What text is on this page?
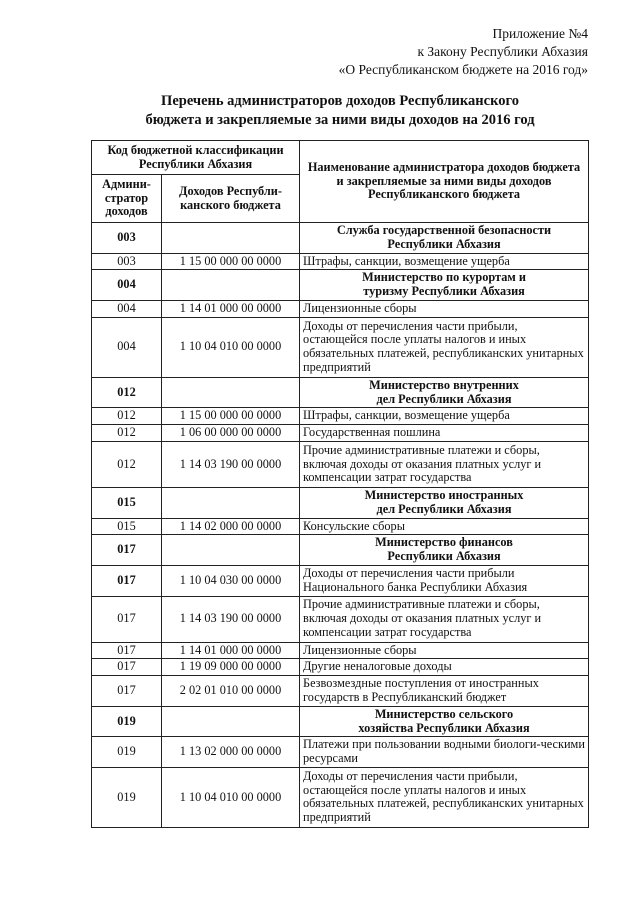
Приложение №4
к Закону Республики Абхазия
«О Республиканском бюджете на 2016 год»
Перечень администраторов доходов Республиканского
бюджета и закрепляемые за ними виды доходов на 2016 год
Код бюджетной классификации Республики Абхазия		Наименование администратора доходов бюджета и закрепляемые за ними виды доходов Республиканского бюджета
Админи-
стратор
доходов	Доходов Республи-
канского бюджета	
003		Служба государственной безопасности
Республики Абхазия
003	1 15 00 000 00 0000	Штрафы, санкции, возмещение ущерба
004		Министерство по курортам и
туризму Республики Абхазия
004	1 14 01 000 00 0000	Лицензионные сборы
004	1 10 04 010 00 0000	Доходы от перечисления части прибыли, остающейся после уплаты налогов и иных обязательных платежей, республиканских унитарных предприятий
012		Министерство внутренних
дел Республики Абхазия
012	1 15 00 000 00 0000	Штрафы, санкции, возмещение ущерба
012	1 06 00 000 00 0000	Государственная пошлина
012	1 14 03 190 00 0000	Прочие административные платежи и сборы, включая доходы от оказания платных услуг и компенсации затрат государства
015		Министерство иностранных
дел Республики Абхазия
015	1 14 02 000 00 0000	Консульские сборы
017		Министерство финансов
Республики Абхазия
017	1 10 04 030 00 0000	Доходы от перечисления части прибыли Национального банка Республики Абхазия
017	1 14 03 190 00 0000	Прочие административные платежи и сборы, включая доходы от оказания платных услуг и компенсации затрат государства
017	1 14 01 000 00 0000	Лицензионные сборы
017	1 19 09 000 00 0000	Другие неналоговые доходы
017	2 02 01 010 00 0000	Безвозмездные поступления от иностранных государств в Республиканский бюджет
019		Министерство сельского
хозяйства Республики Абхазия
019	1 13 02 000 00 0000	Платежи при пользовании водными биологи-ческими ресурсами
019	1 10 04 010 00 0000	Доходы от перечисления части прибыли, остающейся после уплаты налогов и иных обязательных платежей, республиканских унитарных предприятий
